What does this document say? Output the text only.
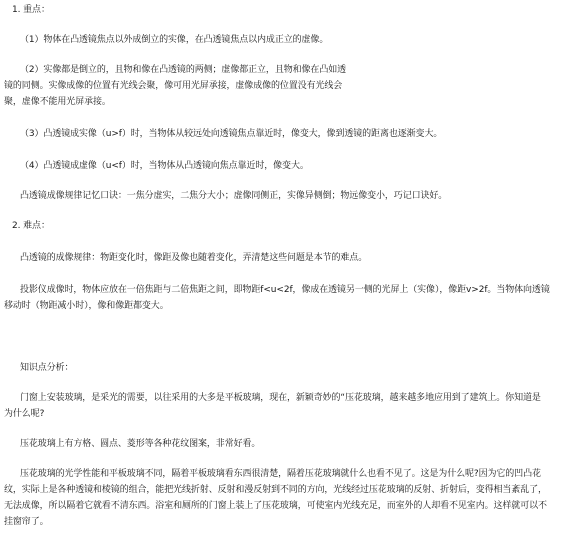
1. 重点：
（1）物体在凸透镜焦点以外成倒立的实像，在凸透镜焦点以内成正立的虚像。
（2）实像都是倒立的，且物和像在凸透镜的两侧；虚像都正立，且物和像在凸如透
镜的同侧。实像成像的位置有光线会聚，像可用光屏承接，虚像成像的位置没有光线会
聚，虚像不能用光屏承接。
（3）凸透镜成实像（u>f）时，当物体从较远处向透镜焦点靠近时，像变大，像到透镜的距离也逐渐变大。
（4）凸透镜成虚像（u<f）时，当物体从凸透镜向焦点靠近时，像变大。
凸透镜成像规律记忆口诀：一焦分虚实，二焦分大小；虚像同侧正，实像异侧倒；物远像变小，巧记口诀好。
2. 难点：
凸透镜的成像规律：物距变化时，像距及像也随着变化，弄清楚这些问题是本节的难点。
投影仪成像时，物体应放在一倍焦距与二倍焦距之间，即物距f<u<2f，像成在透镜另一侧的光屏上（实像），像距v>2f。当物体向透镜
移动时（物距减小时），像和像距都变大。
知识点分析：
门窗上安装玻璃，是采光的需要，以往采用的大多是平板玻璃，现在，新颖奇妙的“压花玻璃，越来越多地应用到了建筑上。你知道是
为什么呢?
压花玻璃上有方格、圆点、菱形等各种花纹图案，非常好看。
压花玻璃的光学性能和平板玻璃不同，隔着平板玻璃看东西很清楚，隔着压花玻璃就什么也看不见了。这是为什么呢?因为它的凹凸花
纹，实际上是各种透镜和棱镜的组合，能把光线折射、反射和漫反射到不同的方向，光线经过压花玻璃的反射、折射后，变得相当紊乱了，
无法成像，所以隔着它就看不清东西。浴室和厕所的门窗上装上了压花玻璃，可使室内光线充足，而室外的人却看不见室内。这样就可以不
挂窗帘了。
